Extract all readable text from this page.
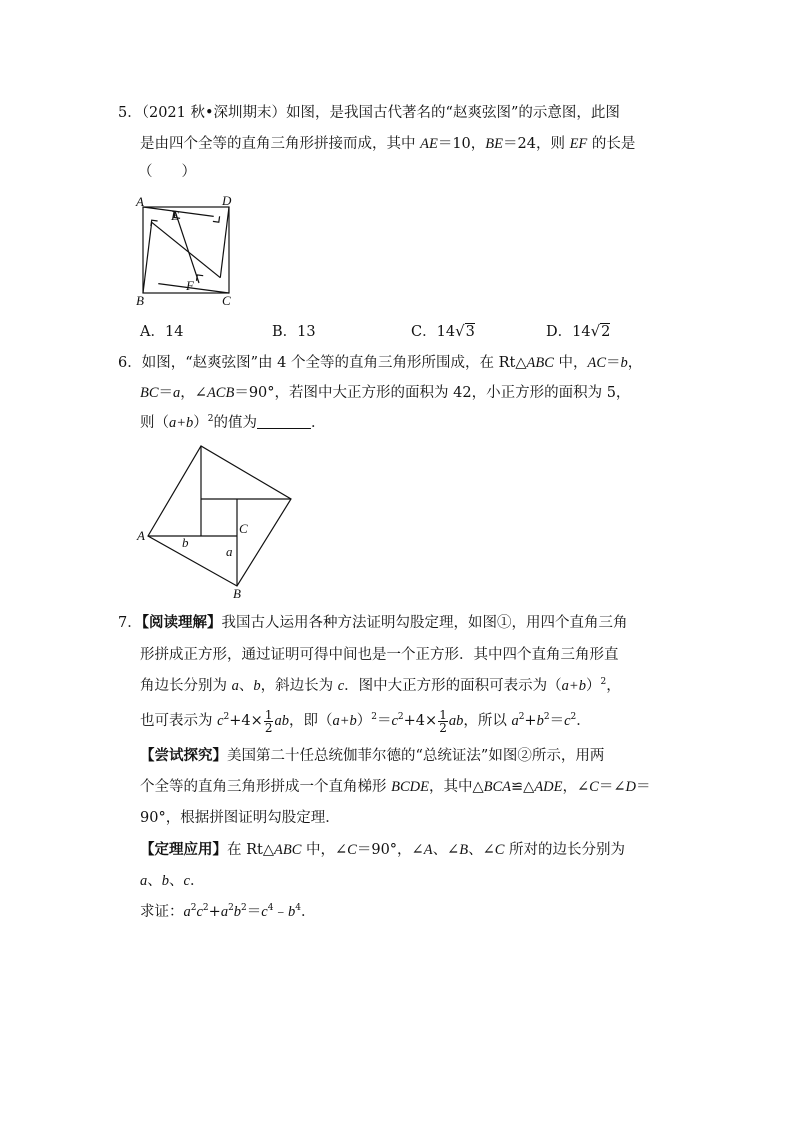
5．（2021 秋•深圳期末）如图，是我国古代著名的“赵爽弦图”的示意图，此图
是由四个全等的直角三角形拼接而成，其中 AE＝10，BE＝24，则 EF 的长是
（　　）
A	D
E
B
F
C
A．14	B．13	C．14√3	D．14√2
6．如图，“赵爽弦图”由 4 个全等的直角三角形所围成，在 Rt△ABC 中，AC＝b，
BC＝a，∠ACB＝90°，若图中大正方形的面积为 42，小正方形的面积为 5，
则$(a+b)^2$的值为	．
A	b
C
a
B
7．【阅读理解】我国古人运用各种方法证明勾股定理，如图①，用四个直角三角
形拼成正方形，通过证明可得中间也是一个正方形．其中四个直角三角形直
角边长分别为 a、b，斜边长为 c．图中大正方形的面积可表示为$(a+b)^2$，
也可表示为 $c^2+4\times \frac{1}{2}$ ab，即$(a+b)^2=c^2+4\times \frac{1}{2}$ ab，所以 $a^2+b^2=c^2$．
【尝试探究】美国第二十任总统伽菲尔德的“总统证法”如图②所示，用两
个全等的直角三角形拼成一个直角梯形 BCDE，其中△BCA≌△ADE，∠C＝∠D＝
90°，根据拼图证明勾股定理．
【定理应用】在 Rt△ABC 中，∠C＝90°，∠A、∠B、∠C 所对的边长分别为
a、b、c．
求证：$a^2c^2+a^2b^2=c^4﹣b^4$．
